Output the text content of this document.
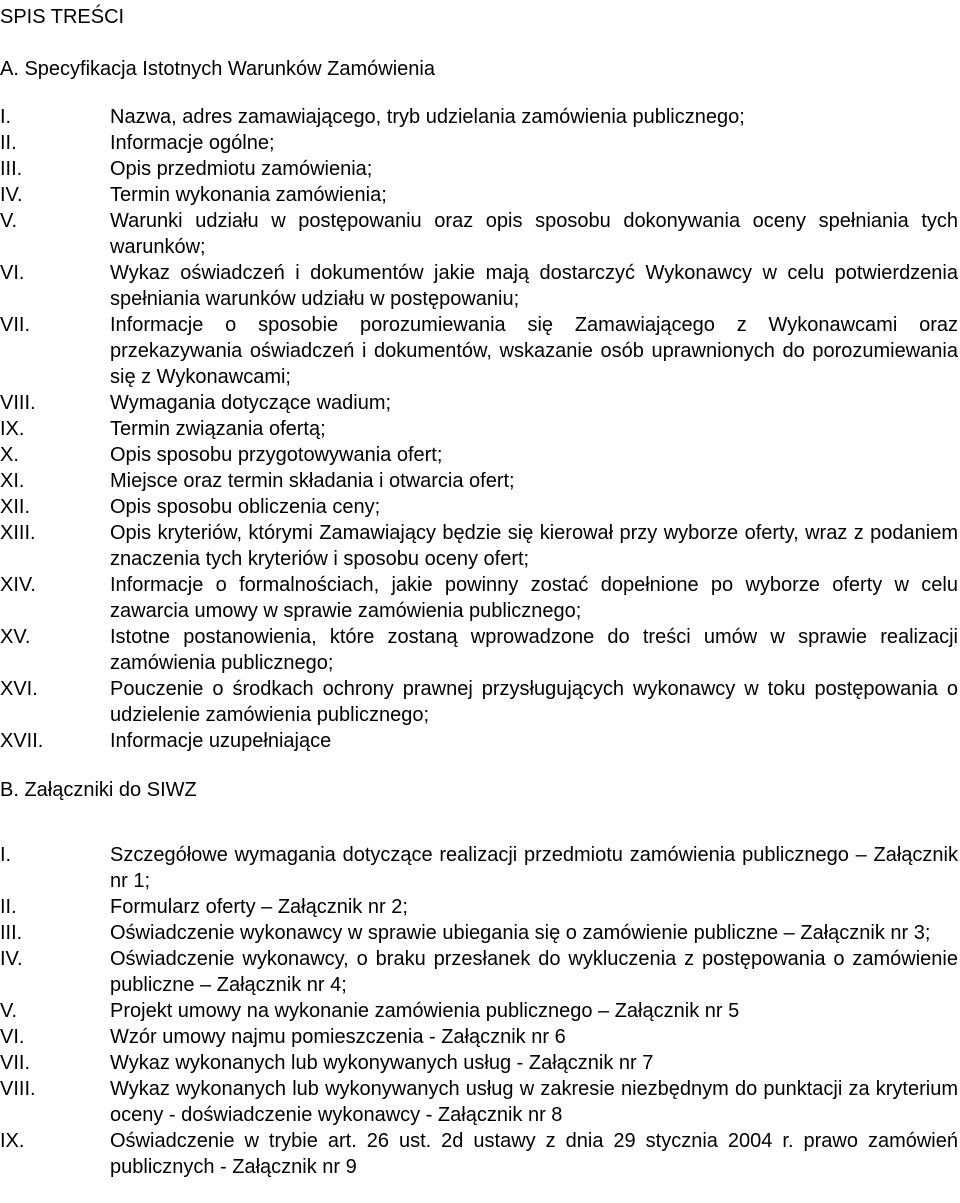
SPIS TREŚCI
A. Specyfikacja Istotnych Warunków Zamówienia
I.	Nazwa, adres zamawiającego, tryb udzielania zamówienia publicznego;
II.	Informacje ogólne;
III.	Opis przedmiotu zamówienia;
IV.	Termin wykonania zamówienia;
V.	Warunki udziału w postępowaniu oraz opis sposobu dokonywania oceny spełniania tych warunków;
VI.	Wykaz oświadczeń i dokumentów jakie mają dostarczyć Wykonawcy w celu potwierdzenia spełniania warunków udziału w postępowaniu;
VII.	Informacje o sposobie porozumiewania się Zamawiającego z Wykonawcami oraz przekazywania oświadczeń i dokumentów, wskazanie osób uprawnionych do porozumiewania się z Wykonawcami;
VIII.	Wymagania dotyczące wadium;
IX.	Termin związania ofertą;
X.	Opis sposobu przygotowywania ofert;
XI.	Miejsce oraz termin składania i otwarcia ofert;
XII.	Opis sposobu obliczenia ceny;
XIII.	Opis kryteriów, którymi Zamawiający będzie się kierował przy wyborze oferty, wraz z podaniem znaczenia tych kryteriów i sposobu oceny ofert;
XIV.	Informacje o formalnościach, jakie powinny zostać dopełnione po wyborze oferty w celu zawarcia umowy w sprawie zamówienia publicznego;
XV.	Istotne postanowienia, które zostaną wprowadzone do treści umów w sprawie realizacji zamówienia publicznego;
XVI.	Pouczenie o środkach ochrony prawnej przysługujących wykonawcy w toku postępowania o udzielenie zamówienia publicznego;
XVII.	Informacje uzupełniające
B. Załączniki do SIWZ
I.	Szczegółowe wymagania dotyczące realizacji przedmiotu zamówienia publicznego – Załącznik nr 1;
II.	Formularz oferty – Załącznik nr 2;
III.	Oświadczenie wykonawcy w sprawie ubiegania się o zamówienie publiczne – Załącznik nr 3;
IV.	Oświadczenie wykonawcy, o braku przesłanek do wykluczenia z postępowania o zamówienie publiczne – Załącznik nr 4;
V.	Projekt umowy na wykonanie zamówienia publicznego – Załącznik nr 5
VI.	Wzór umowy najmu pomieszczenia - Załącznik nr 6
VII.	Wykaz wykonanych lub wykonywanych usług - Załącznik nr 7
VIII.	Wykaz wykonanych lub wykonywanych usług w zakresie niezbędnym do punktacji za kryterium oceny - doświadczenie wykonawcy - Załącznik nr 8
IX.	Oświadczenie w trybie art. 26 ust. 2d ustawy z dnia 29 stycznia 2004 r. prawo zamówień publicznych - Załącznik nr 9
